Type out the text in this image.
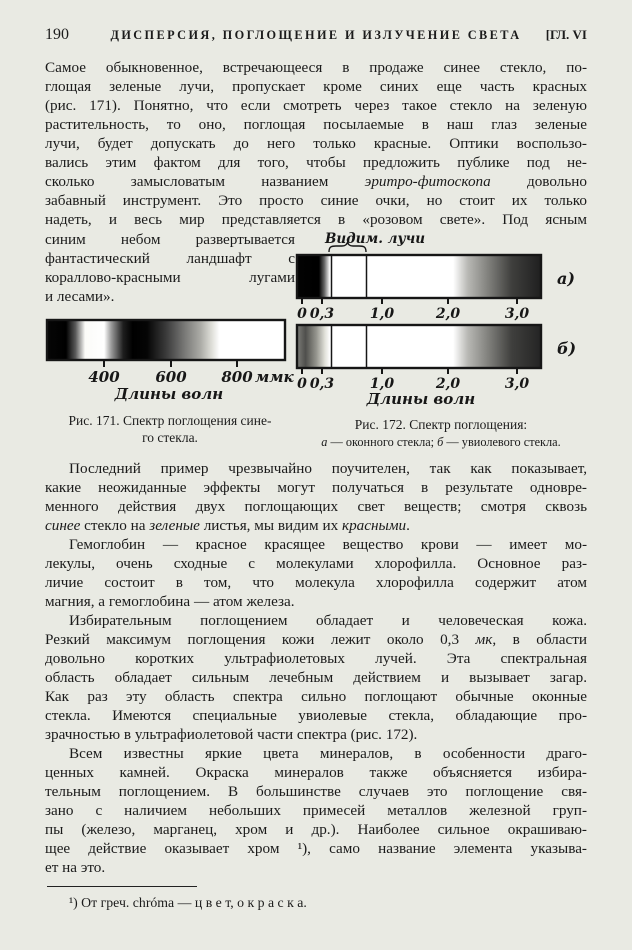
190	ДИСПЕРСИЯ, ПОГЛОЩЕНИЕ И ИЗЛУЧЕНИЕ СВЕТА	[ГЛ. VI
Самое обыкновенное, встречающееся в продаже синее стекло, по-
глощая зеленые лучи, пропускает кроме синих еще часть красных
(рис. 171). Понятно, что если смотреть через такое стекло на зеленую
растительность, то оно, поглощая посылаемые в наш глаз зеленые
лучи, будет допускать до него только красные. Оптики воспользо-
вались этим фактом для того, чтобы предложить публике под не-
сколько замысловатым названием эритро-фитоскопа довольно
забавный инструмент. Это просто синие очки, но стоит их только
надеть, и весь мир представляется в «розовом свете». Под ясным
синим небом развертывается
фантастический ландшафт с
кораллово-красными лугами
и лесами».
400 600 800 ммк
Длины волн
Рис. 171. Спектр поглощения сине-
го стекла.
Видим. лучи
а)
0 0,3	1,0	2,0	3,0
б)
0 0,3	1,0	2,0	3,0
Длины волн
Рис. 172. Спектр поглощения:
а — оконного стекла; б — увиолевого стекла.
Последний пример чрезвычайно поучителен, так как показывает,
какие неожиданные эффекты могут получаться в результате одновре-
менного действия двух поглощающих свет веществ; смотря сквозь
синее стекло на зеленые листья, мы видим их красными.
Гемоглобин — красное красящее вещество крови — имеет мо-
лекулы, очень сходные с молекулами хлорофилла. Основное раз-
личие состоит в том, что молекула хлорофилла содержит атом
магния, а гемоглобина — атом железа.
Избирательным поглощением обладает и человеческая кожа.
Резкий максимум поглощения кожи лежит около 0,3 мк, в области
довольно коротких ультрафиолетовых лучей. Эта спектральная
область обладает сильным лечебным действием и вызывает загар.
Как раз эту область спектра сильно поглощают обычные оконные
стекла. Имеются специальные увиолевые стекла, обладающие про-
зрачностью в ультрафиолетовой части спектра (рис. 172).
Всем известны яркие цвета минералов, в особенности драго-
ценных камней. Окраска минералов также объясняется избира-
тельным поглощением. В большинстве случаев это поглощение свя-
зано с наличием небольших примесей металлов железной груп-
пы (железо, марганец, хром и др.). Наиболее сильное окрашиваю-
щее действие оказывает хром ¹), само название элемента указыва-
ет на это.
¹) От греч. chróma — ц в е т, о к р а с к а.
